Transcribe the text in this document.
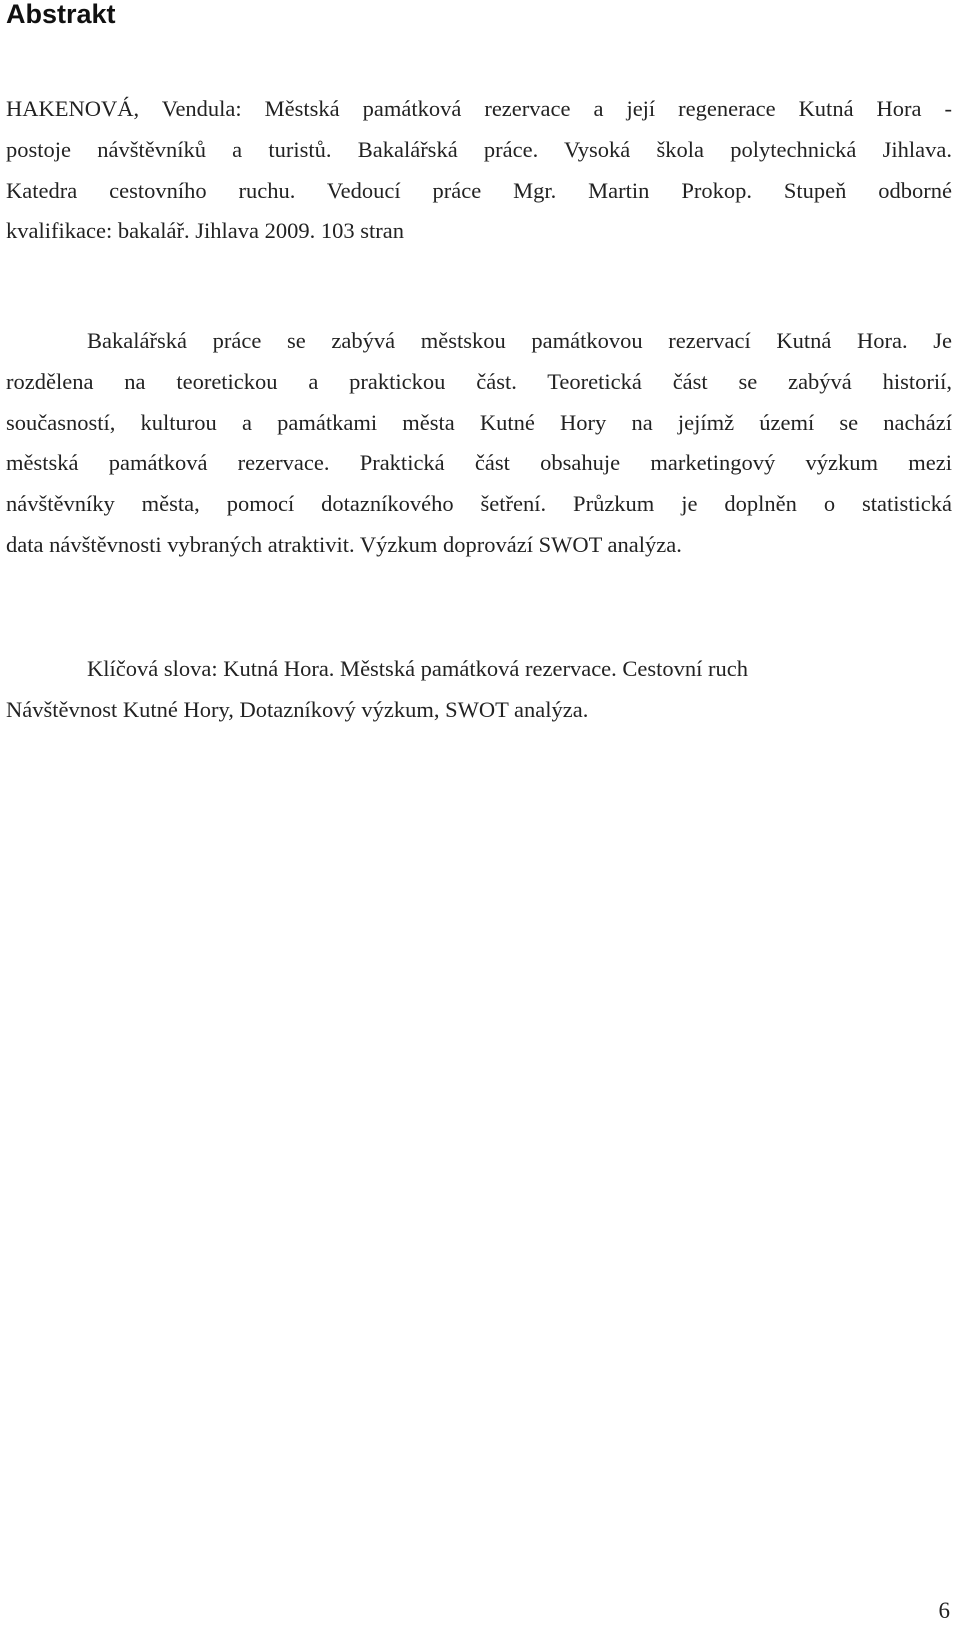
Abstrakt
HAKENOVÁ, Vendula: Městská památková rezervace a její regenerace Kutná Hora -
postoje návštěvníků a turistů. Bakalářská práce. Vysoká škola polytechnická Jihlava.
Katedra cestovního ruchu. Vedoucí práce Mgr. Martin Prokop. Stupeň odborné
kvalifikace: bakalář. Jihlava 2009. 103 stran
Bakalářská práce se zabývá městskou památkovou rezervací Kutná Hora. Je
rozdělena na teoretickou a praktickou část. Teoretická část se zabývá historií,
současností, kulturou a památkami města Kutné Hory na jejímž území se nachází
městská památková rezervace. Praktická část obsahuje marketingový výzkum mezi
návštěvníky města, pomocí dotazníkového šetření. Průzkum je doplněn o statistická
data návštěvnosti vybraných atraktivit. Výzkum doprovází SWOT analýza.
Klíčová slova: Kutná Hora. Městská památková rezervace. Cestovní ruch
Návštěvnost Kutné Hory, Dotazníkový výzkum, SWOT analýza.
6
